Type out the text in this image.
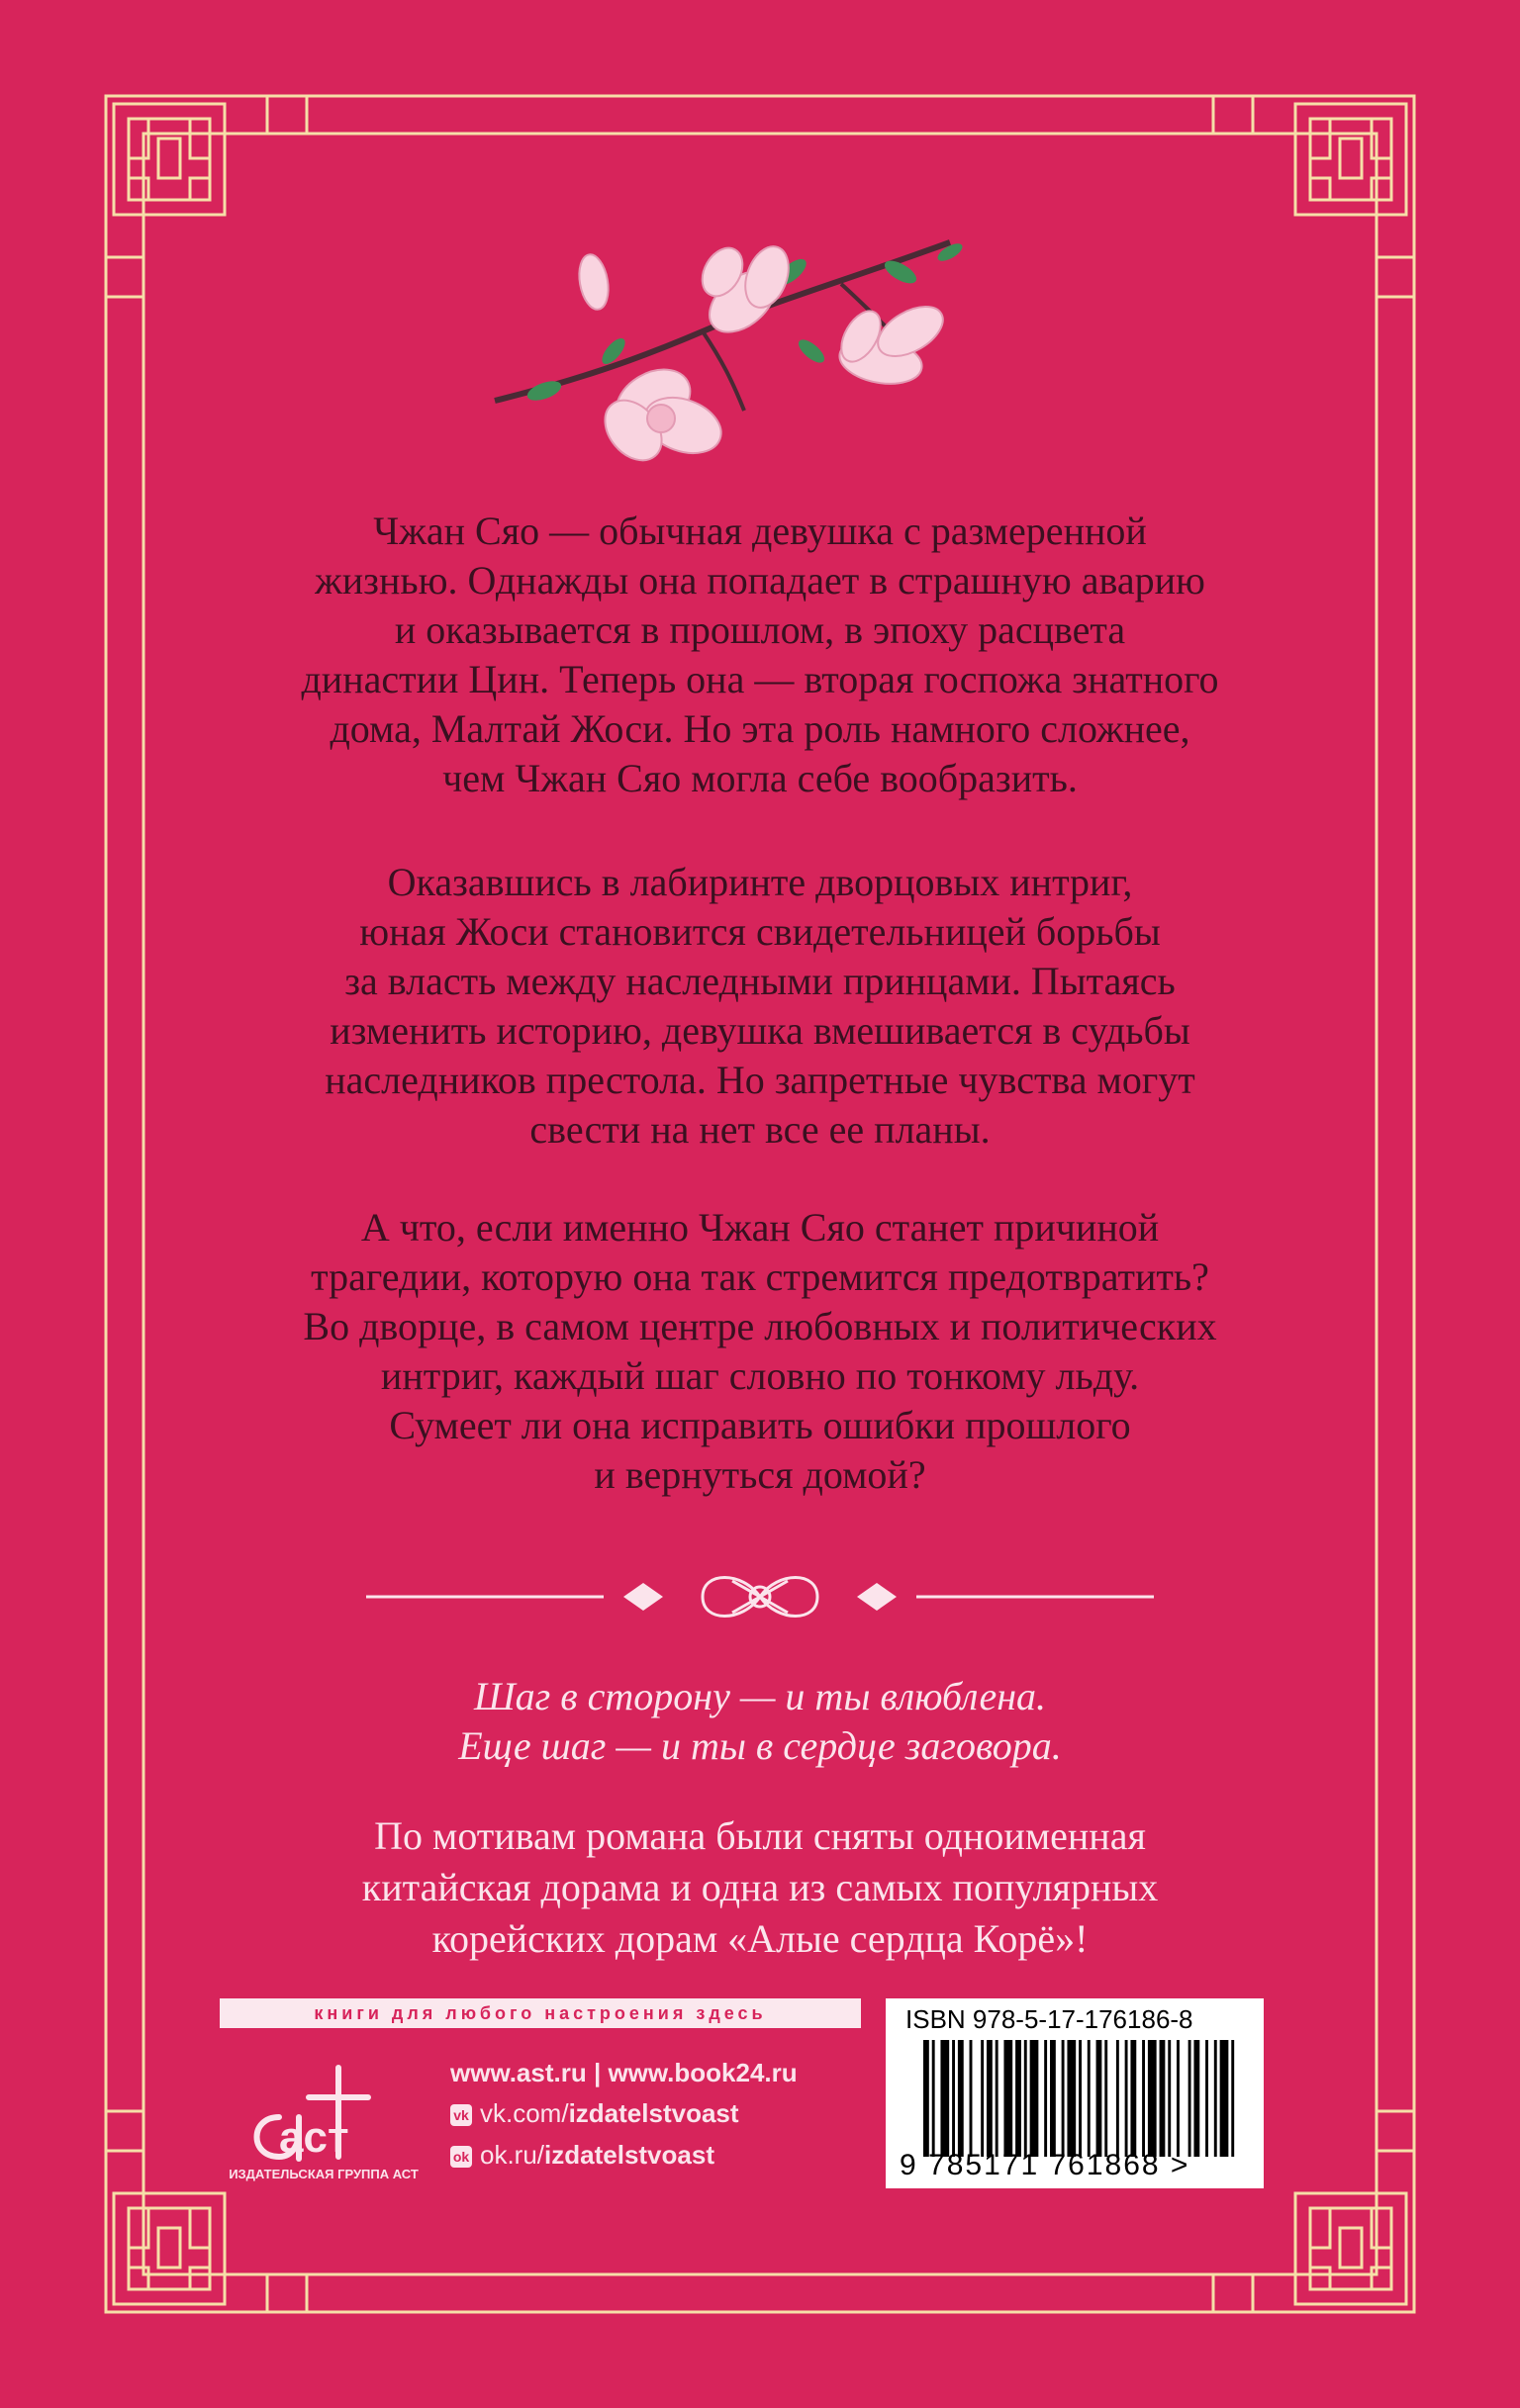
Чжан Сяо — обычная девушка с размеренной

жизнью. Однажды она попадает в страшную аварию

и оказывается в прошлом, в эпоху расцвета

династии Цин. Теперь она — вторая госпожа знатного

дома, Малтай Жоси. Но эта роль намного сложнее,

чем Чжан Сяо могла себе вообразить.

Оказавшись в лабиринте дворцовых интриг,

юная Жоси становится свидетельницей борьбы

за власть между наследными принцами. Пытаясь

изменить историю, девушка вмешивается в судьбы

наследников престола. Но запретные чувства могут

свести на нет все ее планы.

А что, если именно Чжан Сяо станет причиной

трагедии, которую она так стремится предотвратить?

Во дворце, в самом центре любовных и политических

интриг, каждый шаг словно по тонкому льду.

Сумеет ли она исправить ошибки прошлого

и вернуться домой?

Шаг в сторону — и ты влюблена.

Еще шаг — и ты в сердце заговора.

По мотивам романа были сняты одноименная

китайская дорама и одна из самых популярных

корейских дорам «Алые сердца Корё»!

книги для любого настроения здесь
аст
ИЗДАТЕЛЬСКАЯ ГРУППА АСТ
www.ast.ru | www.book24.ru
vk vk.com/izdatelstvoast
ok ok.ru/izdatelstvoast
ISBN 978-5-17-176186-8
9 785171 761868 >
